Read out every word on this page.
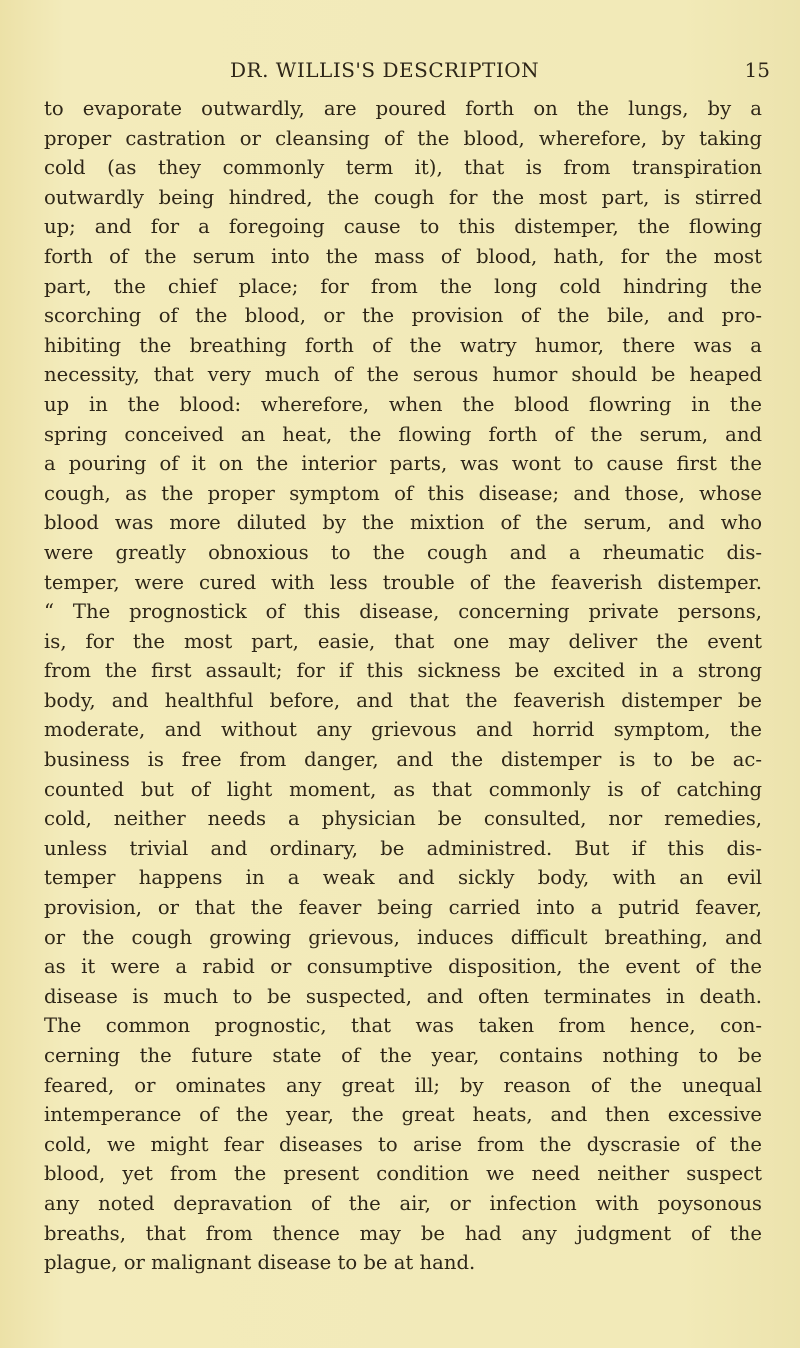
DR. WILLIS'S DESCRIPTION	15
to evaporate outwardly, are poured forth on the lungs, by a
proper castration or cleansing of the blood, wherefore, by taking
cold (as they commonly term it), that is from transpiration
outwardly being hindred, the cough for the most part, is stirred
up; and for a foregoing cause to this distemper, the flowing
forth of the serum into the mass of blood, hath, for the most
part, the chief place; for from the long cold hindring the
scorching of the blood, or the provision of the bile, and pro-
hibiting the breathing forth of the watry humor, there was a
necessity, that very much of the serous humor should be heaped
up in the blood: wherefore, when the blood flowring in the
spring conceived an heat, the flowing forth of the serum, and
a pouring of it on the interior parts, was wont to cause first the
cough, as the proper symptom of this disease; and those, whose
blood was more diluted by the mixtion of the serum, and who
were greatly obnoxious to the cough and a rheumatic dis-
temper, were cured with less trouble of the feaverish distemper.
“ The prognostick of this disease, concerning private persons,
is, for the most part, easie, that one may deliver the event
from the first assault; for if this sickness be excited in a strong
body, and healthful before, and that the feaverish distemper be
moderate, and without any grievous and horrid symptom, the
business is free from danger, and the distemper is to be ac-
counted but of light moment, as that commonly is of catching
cold, neither needs a physician be consulted, nor remedies,
unless trivial and ordinary, be administred. But if this dis-
temper happens in a weak and sickly body, with an evil
provision, or that the feaver being carried into a putrid feaver,
or the cough growing grievous, induces difficult breathing, and
as it were a rabid or consumptive disposition, the event of the
disease is much to be suspected, and often terminates in death.
The common prognostic, that was taken from hence, con-
cerning the future state of the year, contains nothing to be
feared, or ominates any great ill; by reason of the unequal
intemperance of the year, the great heats, and then excessive
cold, we might fear diseases to arise from the dyscrasie of the
blood, yet from the present condition we need neither suspect
any noted depravation of the air, or infection with poysonous
breaths, that from thence may be had any judgment of the
plague, or malignant disease to be at hand.
